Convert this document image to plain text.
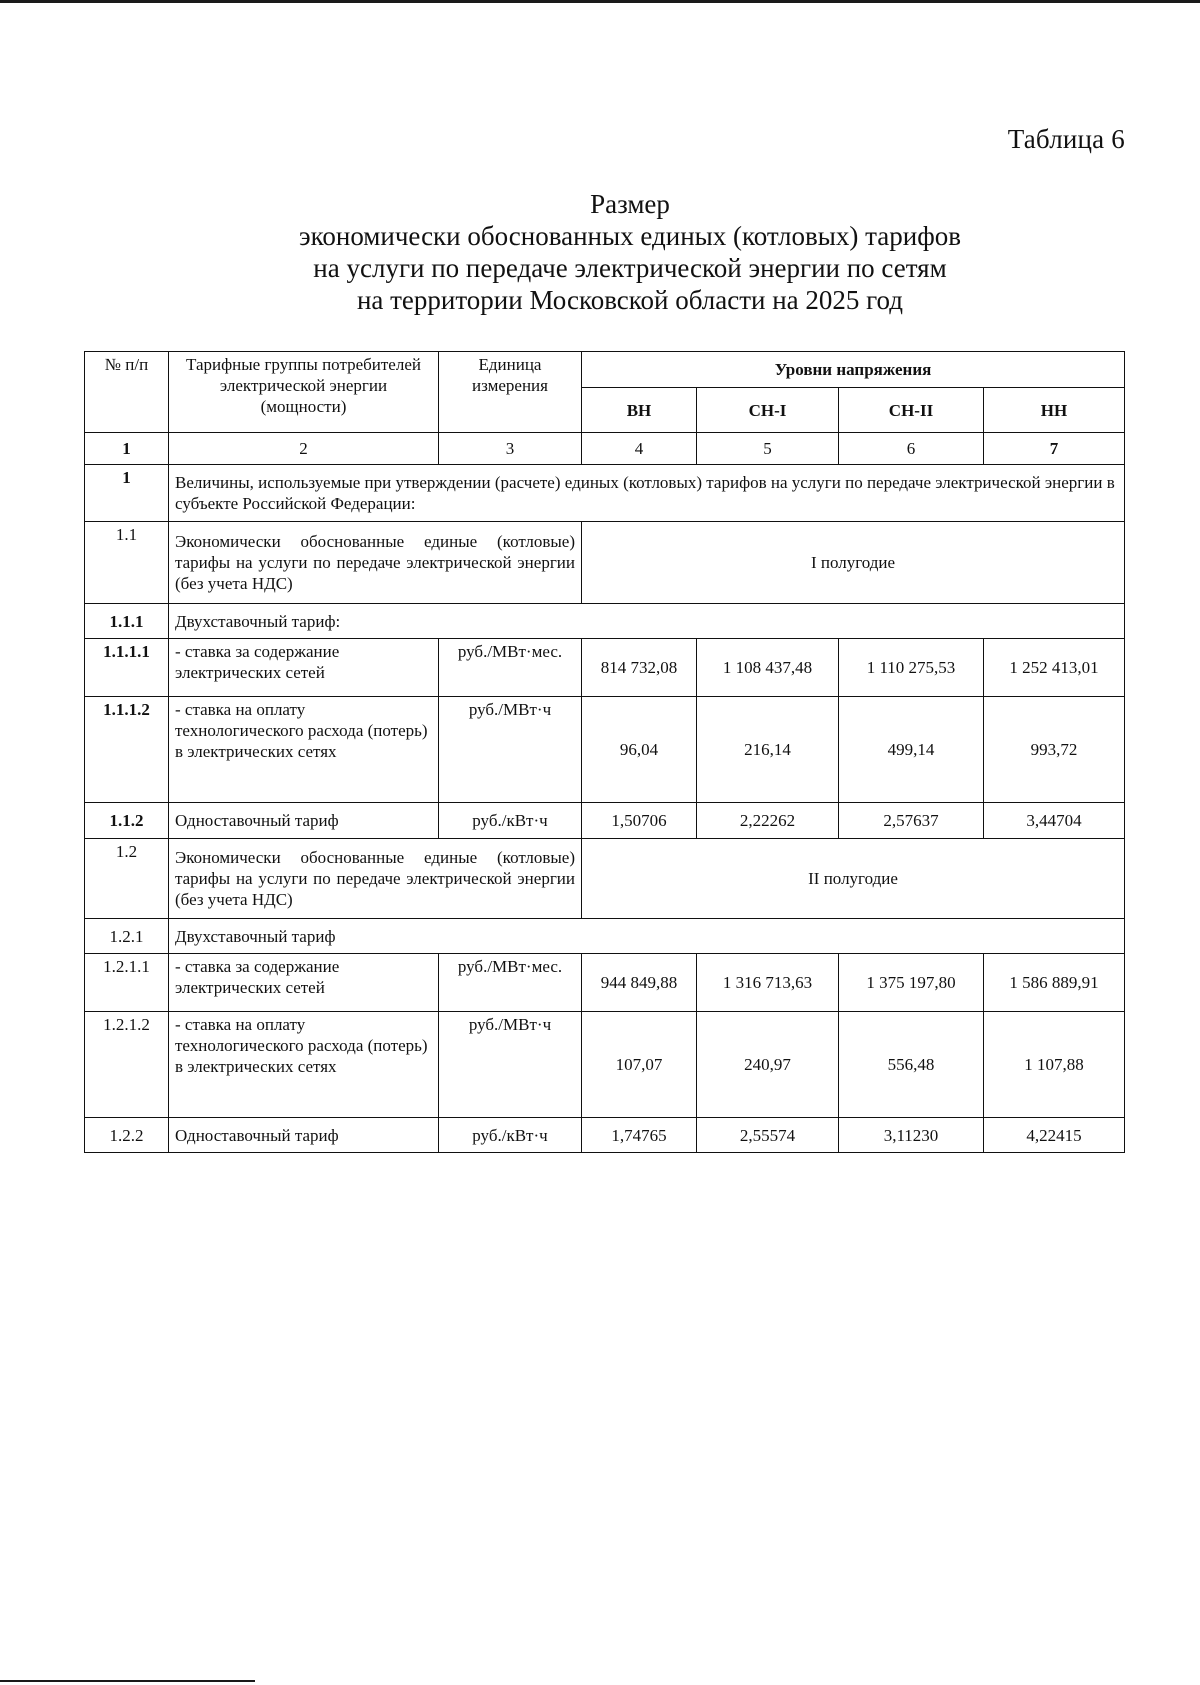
Таблица 6
Размер
экономически обоснованных единых (котловых) тарифов
на услуги по передаче электрической энергии по сетям
на территории Московской области на 2025 год
№ п/п	Тарифные группы потребителей электрической энергии (мощности)	Единица измерения	Уровни напряжения			
			ВН	СН-I	СН-II	НН
1	2	3	4	5	6	7
1	Величины, используемые при утверждении (расчете) единых (котловых) тарифов на услуги по передаче электрической энергии в субъекте Российской Федерации:					
1.1	Экономически обоснованные единые (котловые) тарифы на услуги по передаче электрической энергии (без учета НДС)		I полугодие			
1.1.1	Двухставочный тариф:					
1.1.1.1	- ставка за содержание электрических сетей	руб./МВт·мес.	814 732,08	1 108 437,48	1 110 275,53	1 252 413,01
1.1.1.2	- ставка на оплату технологического расхода (потерь) в электрических сетях	руб./МВт·ч	96,04	216,14	499,14	993,72
1.1.2	Одноставочный тариф	руб./кВт·ч	1,50706	2,22262	2,57637	3,44704
1.2	Экономически обоснованные единые (котловые) тарифы на услуги по передаче электрической энергии (без учета НДС)		II полугодие			
1.2.1	Двухставочный тариф					
1.2.1.1	- ставка за содержание электрических сетей	руб./МВт·мес.	944 849,88	1 316 713,63	1 375 197,80	1 586 889,91
1.2.1.2	- ставка на оплату технологического расхода (потерь) в электрических сетях	руб./МВт·ч	107,07	240,97	556,48	1 107,88
1.2.2	Одноставочный тариф	руб./кВт·ч	1,74765	2,55574	3,11230	4,22415
